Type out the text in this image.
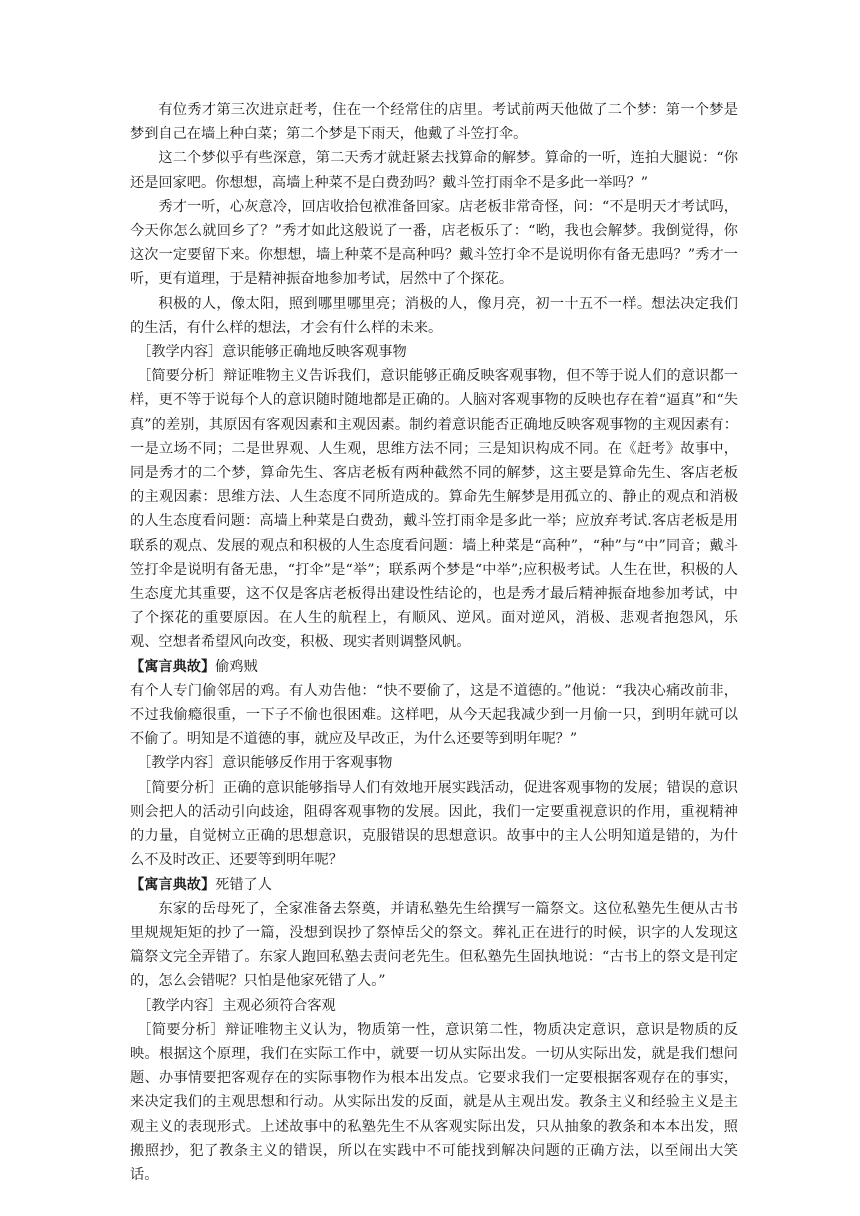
有位秀才第三次进京赶考，住在一个经常住的店里。考试前两天他做了二个梦：第一个梦是梦到自己在墙上种白菜；第二个梦是下雨天，他戴了斗笠打伞。

这二个梦似乎有些深意，第二天秀才就赶紧去找算命的解梦。算命的一听，连拍大腿说：“你还是回家吧。你想想，高墙上种菜不是白费劲吗？戴斗笠打雨伞不是多此一举吗？”

秀才一听，心灰意冷，回店收拾包袱准备回家。店老板非常奇怪，问：“不是明天才考试吗，今天你怎么就回乡了？”秀才如此这般说了一番，店老板乐了：“哟，我也会解梦。我倒觉得，你这次一定要留下来。你想想，墙上种菜不是高种吗？戴斗笠打伞不是说明你有备无患吗？”秀才一听，更有道理，于是精神振奋地参加考试，居然中了个探花。

积极的人，像太阳，照到哪里哪里亮；消极的人，像月亮，初一十五不一样。想法决定我们的生活，有什么样的想法，才会有什么样的未来。

［教学内容］意识能够正确地反映客观事物

［简要分析］辩证唯物主义告诉我们，意识能够正确反映客观事物，但不等于说人们的意识都一样，更不等于说每个人的意识随时随地都是正确的。人脑对客观事物的反映也存在着“逼真”和“失真”的差别，其原因有客观因素和主观因素。制约着意识能否正确地反映客观事物的主观因素有：一是立场不同；二是世界观、人生观，思维方法不同；三是知识构成不同。在《赶考》故事中，同是秀才的二个梦，算命先生、客店老板有两种截然不同的解梦，这主要是算命先生、客店老板的主观因素：思维方法、人生态度不同所造成的。算命先生解梦是用孤立的、静止的观点和消极的人生态度看问题：高墙上种菜是白费劲，戴斗笠打雨伞是多此一举；应放弃考试.客店老板是用联系的观点、发展的观点和积极的人生态度看问题：墙上种菜是“高种”，“种”与“中”同音；戴斗笠打伞是说明有备无患，“打伞”是“举”；联系两个梦是“中举”;应积极考试。人生在世，积极的人生态度尤其重要，这不仅是客店老板得出建设性结论的，也是秀才最后精神振奋地参加考试，中了个探花的重要原因。在人生的航程上，有顺风、逆风。面对逆风，消极、悲观者抱怨风，乐观、空想者希望风向改变，积极、现实者则调整风帆。

【寓言典故】偷鸡贼

有个人专门偷邻居的鸡。有人劝告他：“快不要偷了，这是不道德的。”他说：“我决心痛改前非，不过我偷瘾很重，一下子不偷也很困难。这样吧，从今天起我减少到一月偷一只，到明年就可以不偷了。明知是不道德的事，就应及早改正，为什么还要等到明年呢？”

［教学内容］意识能够反作用于客观事物

［简要分析］正确的意识能够指导人们有效地开展实践活动，促进客观事物的发展；错误的意识则会把人的活动引向歧途，阻碍客观事物的发展。因此，我们一定要重视意识的作用，重视精神的力量，自觉树立正确的思想意识，克服错误的思想意识。故事中的主人公明知道是错的，为什么不及时改正、还要等到明年呢？

【寓言典故】死错了人

东家的岳母死了，全家准备去祭奠，并请私塾先生给撰写一篇祭文。这位私塾先生便从古书里规规矩矩的抄了一篇，没想到误抄了祭悼岳父的祭文。葬礼正在进行的时候，识字的人发现这篇祭文完全弄错了。东家人跑回私塾去责问老先生。但私塾先生固执地说：“古书上的祭文是刊定的，怎么会错呢？只怕是他家死错了人。”

［教学内容］主观必须符合客观

［简要分析］辩证唯物主义认为，物质第一性，意识第二性，物质决定意识，意识是物质的反映。根据这个原理，我们在实际工作中，就要一切从实际出发。一切从实际出发，就是我们想问题、办事情要把客观存在的实际事物作为根本出发点。它要求我们一定要根据客观存在的事实，来决定我们的主观思想和行动。从实际出发的反面，就是从主观出发。教条主义和经验主义是主观主义的表现形式。上述故事中的私塾先生不从客观实际出发，只从抽象的教条和本本出发，照搬照抄，犯了教条主义的错误，所以在实践中不可能找到解决问题的正确方法，以至闹出大笑话。
